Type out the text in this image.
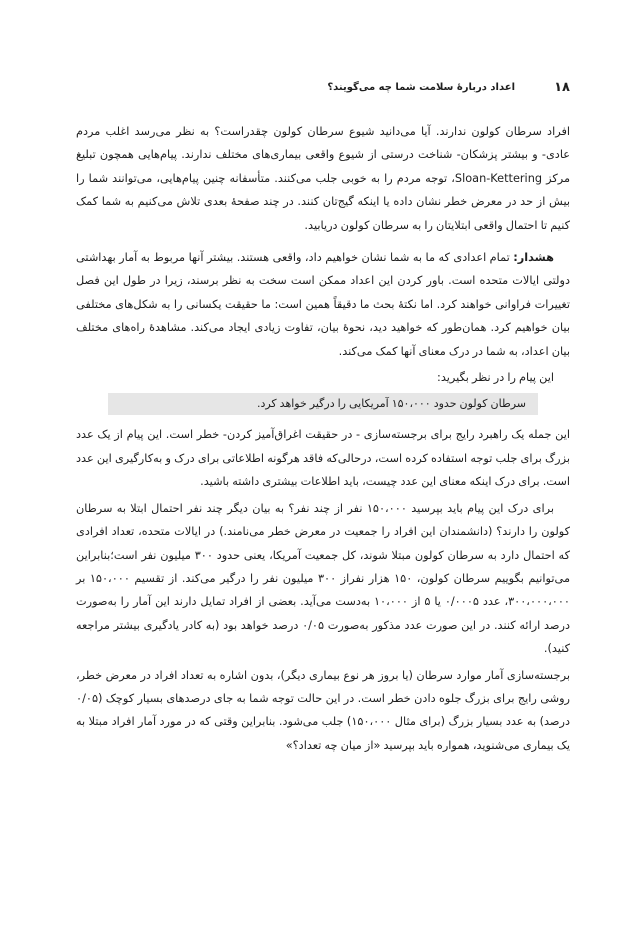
۱۸
اعداد دربارهٔ سلامت شما چه می‌گویند؟

افراد سرطان کولون ندارند. آیا می‌دانید شیوع سرطان کولون چقدراست؟ به نظر می‌رسد اغلب مردم عادی- و بیشتر پزشکان- شناخت درستی از شیوع واقعی بیماری‌های مختلف ندارند. پیام‌هایی همچون تبلیغ مرکز Sloan-Kettering، توجه مردم را به خوبی جلب می‌کنند. متأسفانه چنین پیام‌هایی، می‌توانند شما را بیش از حد در معرض خطر نشان داده یا اینکه گیج‌تان کنند. در چند صفحهٔ بعدی تلاش می‌کنیم به شما کمک کنیم تا احتمال واقعی ابتلایتان را به سرطان کولون دریابید.

هشدار: تمام اعدادی که ما به شما نشان خواهیم داد، واقعی هستند. بیشتر آنها مربوط به آمار بهداشتی دولتی ایالات متحده است. باور کردن این اعداد ممکن است سخت به نظر برسند، زیرا در طول این فصل تغییرات فراوانی خواهند کرد. اما نکتهٔ بحث ما دقیقاً همین است: ما حقیقت یکسانی را به شکل‌های مختلفی بیان خواهیم کرد. همان‌طور که خواهید دید، نحوهٔ بیان، تفاوت زیادی ایجاد می‌کند. مشاهدهٔ راه‌های مختلف بیان اعداد، به شما در درک معنای آنها کمک می‌کند.

این پیام را در نظر بگیرید:

سرطان کولون حدود ۱۵۰،۰۰۰ آمریکایی را درگیر خواهد کرد.

این جمله یک راهبرد رایج برای برجسته‌سازی - در حقیقت اغراق‌آمیز کردن- خطر است. این پیام از یک عدد بزرگ برای جلب توجه استفاده کرده است، درحالی‌که فاقد هرگونه اطلاعاتی برای درک و به‌کارگیری این عدد است. برای درک اینکه معنای این عدد چیست، باید اطلاعات بیشتری داشته باشید.

برای درک این پیام باید بپرسید ۱۵۰،۰۰۰ نفر از چند نفر؟ به بیان دیگر چند نفر احتمال ابتلا به سرطان کولون را دارند؟ (دانشمندان این افراد را جمعیت در معرض خطر می‌نامند.) در ایالات متحده، تعداد افرادی که احتمال دارد به سرطان کولون مبتلا شوند، کل جمعیت آمریکا، یعنی حدود ۳۰۰ میلیون نفر است؛بنابراین می‌توانیم بگوییم سرطان کولون، ۱۵۰ هزار نفراز ۳۰۰ میلیون نفر را درگیر می‌کند. از تقسیم ۱۵۰،۰۰۰ بر ۳۰۰،۰۰۰،۰۰۰، عدد ۰/۰۰۰۵ یا ۵ از ۱۰،۰۰۰ به‌دست می‌آید. بعضی از افراد تمایل دارند این آمار را به‌صورت درصد ارائه کنند. در این صورت عدد مذکور به‌صورت ۰/۰۵ درصد خواهد بود (به کادر یادگیری بیشتر مراجعه کنید).

برجسته‌سازی آمار موارد سرطان (یا بروز هر نوع بیماری دیگر)، بدون اشاره به تعداد افراد در معرض خطر، روشی رایج برای بزرگ جلوه دادن خطر است. در این حالت توجه شما به جای درصدهای بسیار کوچک (۰/۰۵ درصد) به عدد بسیار بزرگ (برای مثال ۱۵۰،۰۰۰) جلب می‌شود. بنابراین وقتی که در مورد آمار افراد مبتلا به یک بیماری می‌شنوید، همواره باید بپرسید «از میان چه تعداد؟»
